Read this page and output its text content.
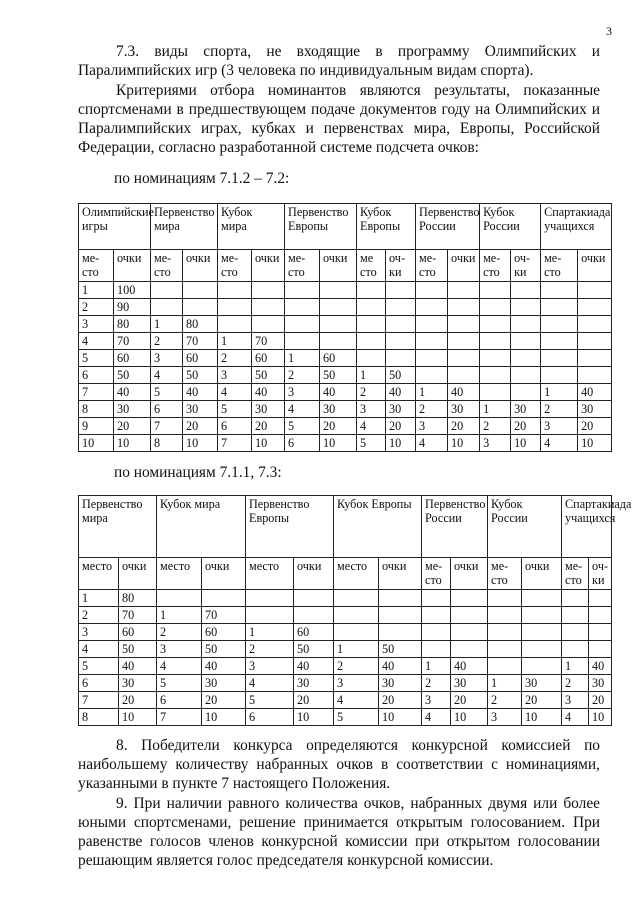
3

7.3. виды спорта, не входящие в программу Олимпийских и Паралимпийских игр (3 человека по индивидуальным видам спорта).

Критериями отбора номинантов являются результаты, показанные спортсменами в предшествующем подаче документов году на Олимпийских и Паралимпийских играх, кубках и первенствах мира, Европы, Российской Федерации, согласно разработанной системе подсчета очков:

по номинациям 7.1.2 – 7.2:

Олимпийские игры		Первенство мира		Кубок мира		Первенство Европы		Кубок Европы		Первенство России		Кубок России		Спартакиада учащихся	
место	очки	место	очки	место	очки	место	очки	ме сто	очки	место	очки	место	очки	место	очки
1	100														
2	90														
3	80	1	80												
4	70	2	70	1	70										
5	60	3	60	2	60	1	60								
6	50	4	50	3	50	2	50	1	50						
7	40	5	40	4	40	3	40	2	40	1	40			1	40
8	30	6	30	5	30	4	30	3	30	2	30	1	30	2	30
9	20	7	20	6	20	5	20	4	20	3	20	2	20	3	20
10	10	8	10	7	10	6	10	5	10	4	10	3	10	4	10

по номинациям 7.1.1, 7.3:

Первенство мира		Кубок мира		Первенство Европы		Кубок Европы		Первенство России		Кубок России		Спартакиада учащихся	
место	очки	место	очки	место	очки	место	очки	место	очки	место	очки	место	очки
1	80												
2	70	1	70										
3	60	2	60	1	60								
4	50	3	50	2	50	1	50						
5	40	4	40	3	40	2	40	1	40			1	40
6	30	5	30	4	30	3	30	2	30	1	30	2	30
7	20	6	20	5	20	4	20	3	20	2	20	3	20
8	10	7	10	6	10	5	10	4	10	3	10	4	10

8. Победители конкурса определяются конкурсной комиссией по наибольшему количеству набранных очков в соответствии с номинациями, указанными в пункте 7 настоящего Положения.

9. При наличии равного количества очков, набранных двумя или более юными спортсменами, решение принимается открытым голосованием. При равенстве голосов членов конкурсной комиссии при открытом голосовании решающим является голос председателя конкурсной комиссии.
